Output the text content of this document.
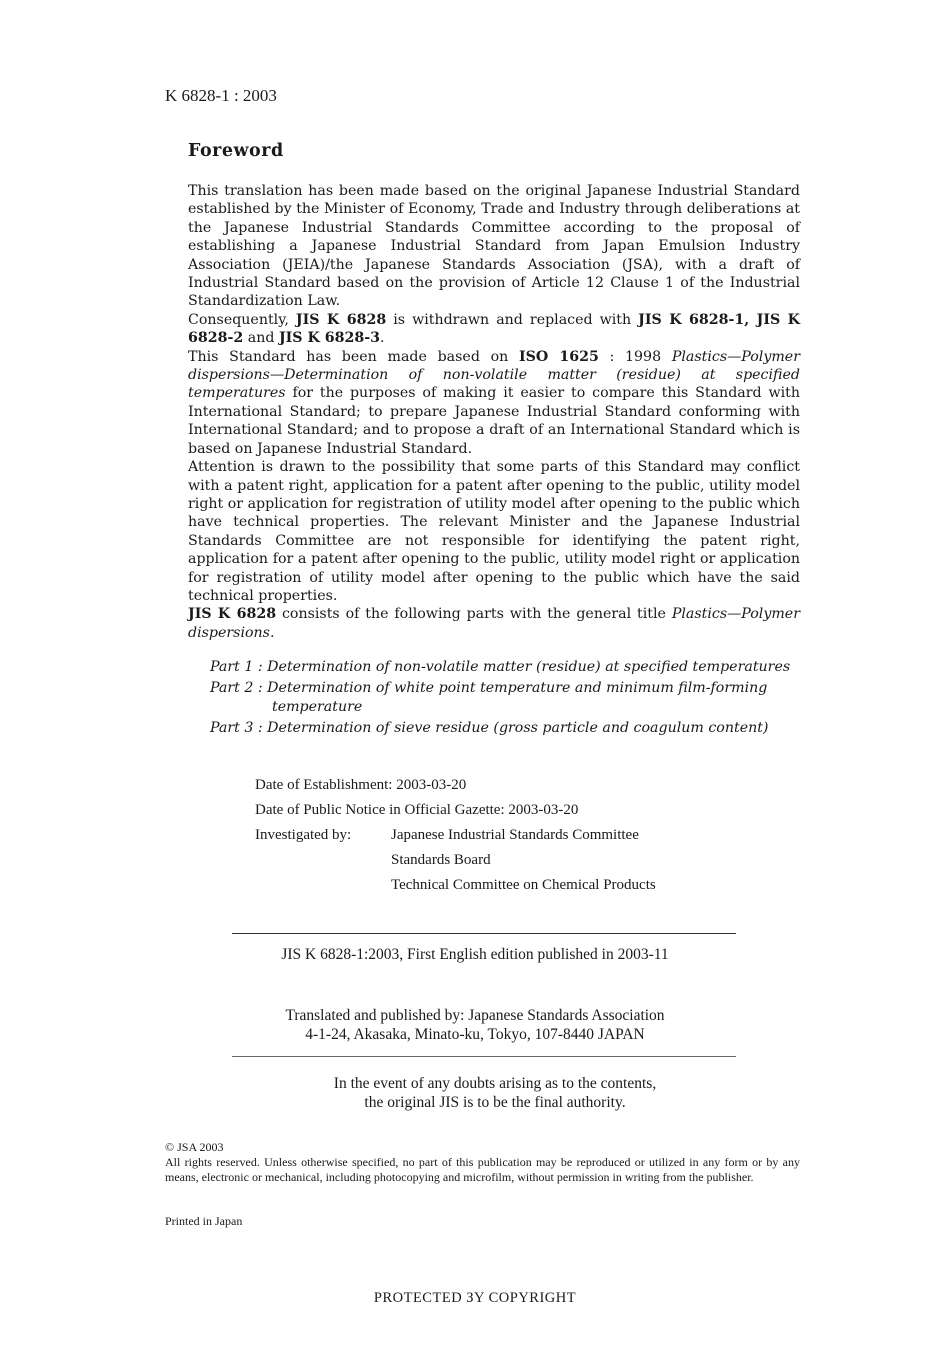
K 6828-1 : 2003
Foreword

This translation has been made based on the original Japanese Industrial Standard established by the Minister of Economy, Trade and Industry through deliberations at the Japanese Industrial Standards Committee according to the proposal of establishing a Japanese Industrial Standard from Japan Emulsion Industry Association (JEIA)/the Japanese Standards Association (JSA), with a draft of Industrial Standard based on the provision of Article 12 Clause 1 of the Industrial Standardization Law.

Consequently, JIS K 6828 is withdrawn and replaced with JIS K 6828-1, JIS K 6828-2 and JIS K 6828-3.

This Standard has been made based on ISO 1625 : 1998 Plastics—Polymer dispersions—Determination of non-volatile matter (residue) at specified temperatures for the purposes of making it easier to compare this Standard with International Standard; to prepare Japanese Industrial Standard conforming with International Standard; and to propose a draft of an International Standard which is based on Japanese Industrial Standard.

Attention is drawn to the possibility that some parts of this Standard may conflict with a patent right, application for a patent after opening to the public, utility model right or application for registration of utility model after opening to the public which have technical properties. The relevant Minister and the Japanese Industrial Standards Committee are not responsible for identifying the patent right, application for a patent after opening to the public, utility model right or application for registration of utility model after opening to the public which have the said technical properties.

JIS K 6828 consists of the following parts with the general title Plastics—Polymer dispersions.

Part 1 : Determination of non-volatile matter (residue) at specified temperatures
Part 2 : Determination of white point temperature and minimum film-forming
temperature
Part 3 : Determination of sieve residue (gross particle and coagulum content)
Date of Establishment: 2003-03-20
Date of Public Notice in Official Gazette: 2003-03-20
Investigated by:	Japanese Industrial Standards Committee
Standards Board
Technical Committee on Chemical Products
JIS K 6828-1:2003, First English edition published in 2003-11
Translated and published by: Japanese Standards Association
4-1-24, Akasaka, Minato-ku, Tokyo, 107-8440 JAPAN
In the event of any doubts arising as to the contents,
the original JIS is to be the final authority.
© JSA 2003
All rights reserved. Unless otherwise specified, no part of this publication may be reproduced or utilized in any form or by any means, electronic or mechanical, including photocopying and microfilm, without permission in writing from the publisher.
Printed in Japan
PROTECTED ЗY COPYRIGHT
